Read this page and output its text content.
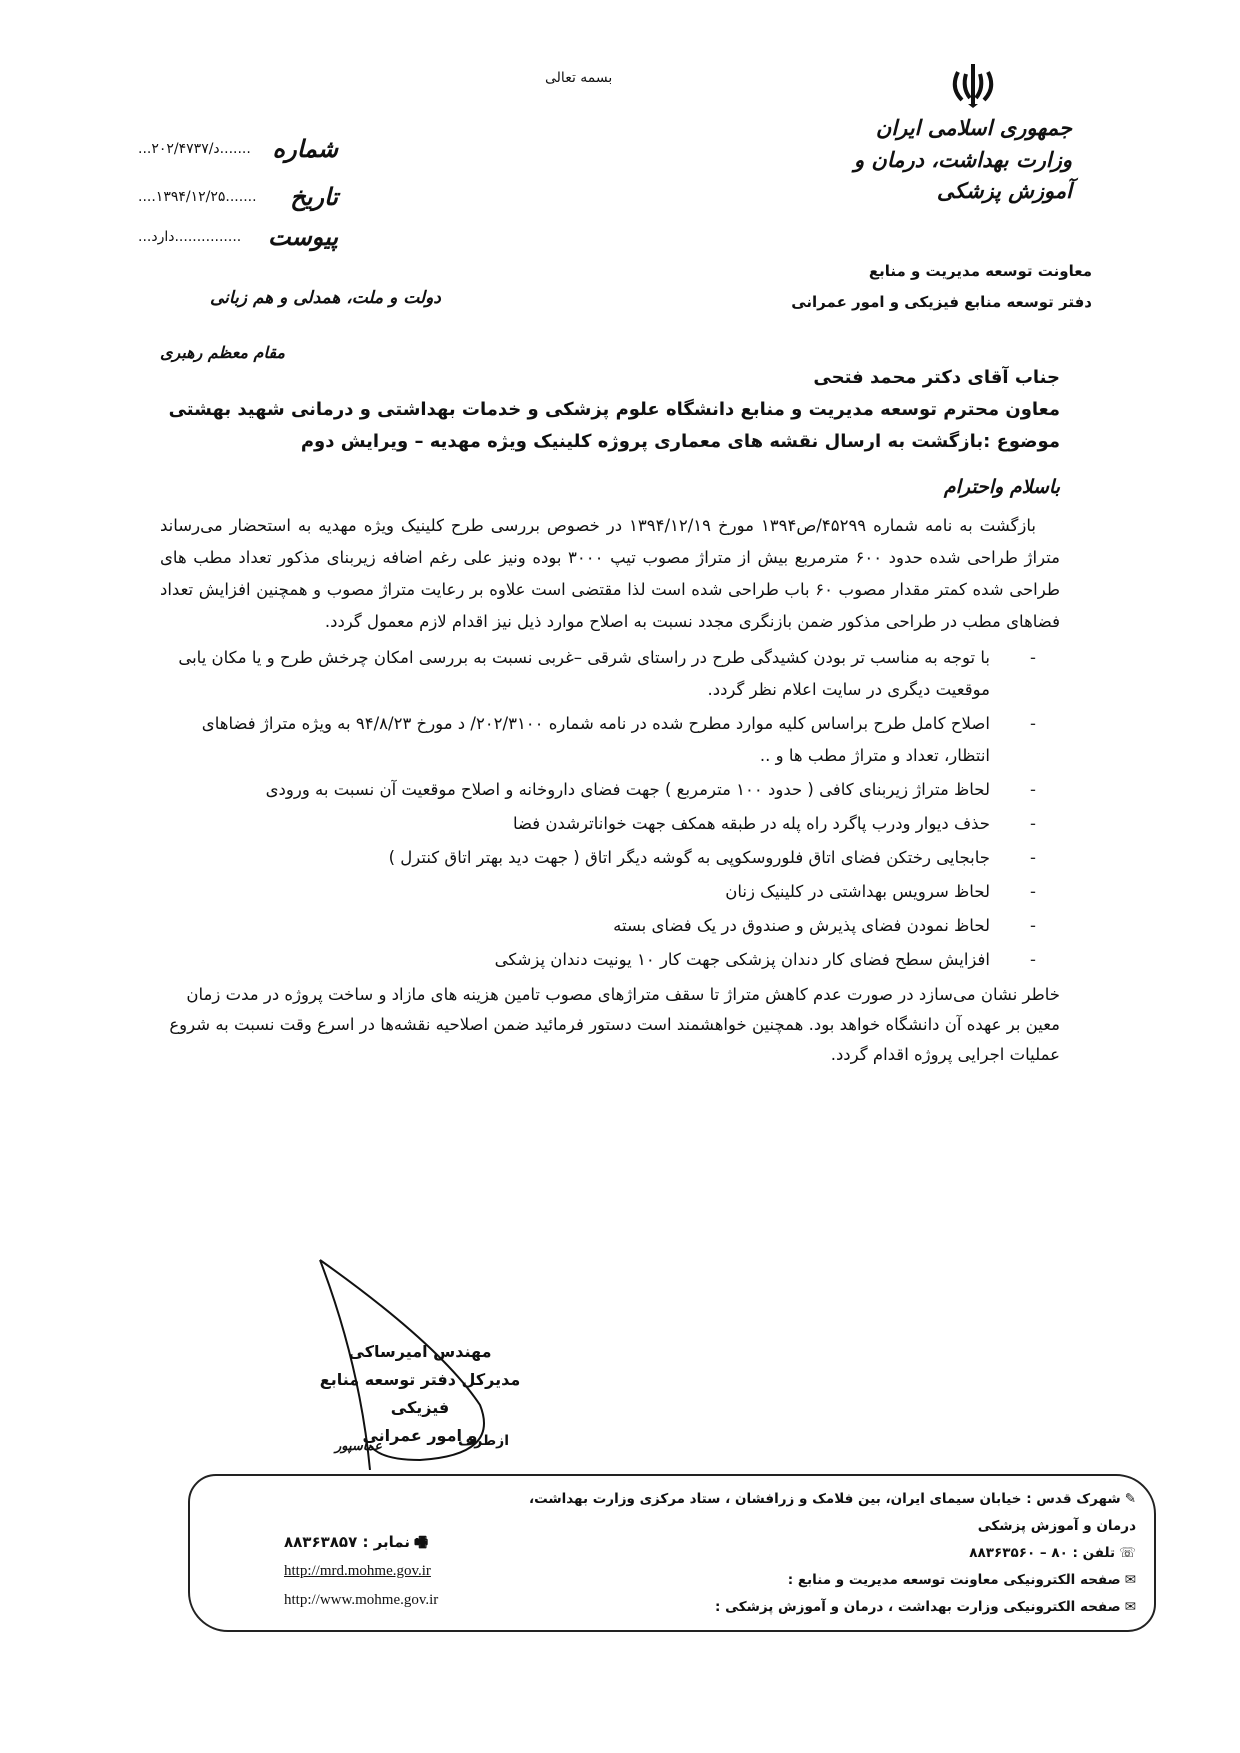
بسمه تعالی
جمهوری اسلامی ایران
وزارت بهداشت، درمان و آموزش پزشکی
معاونت توسعه مدیریت و منابع
دفتر توسعه منابع فیزیکی و امور عمرانی
شماره
...د/۲۰۲/۴۷۳۷.......
تاریخ
....۱۳۹۴/۱۲/۲۵.......
پیوست
...دارد...............
دولت و ملت، همدلی و هم زبانی
مقام معظم رهبری
جناب آقای دکتر محمد فتحی
معاون محترم توسعه مدیریت و منابع دانشگاه علوم پزشکی و خدمات بهداشتی و درمانی شهید بهشتی
موضوع :بازگشت به ارسال نقشه های معماری پروژه کلینیک ویژه مهدیه – ویرایش دوم
باسلام واحترام

بازگشت به نامه شماره ۴۵۲۹۹/ص۱۳۹۴ مورخ ۱۳۹۴/۱۲/۱۹ در خصوص بررسی طرح کلینیک ویژه مهدیه به استحضار می‌رساند متراژ طراحی شده حدود ۶۰۰ مترمربع بیش از متراژ مصوب تیپ ۳۰۰۰ بوده ونیز علی رغم اضافه زیربنای مذکور تعداد مطب های طراحی شده کمتر مقدار مصوب ۶۰ باب طراحی شده است لذا مقتضی است علاوه بر رعایت متراژ مصوب و همچنین افزایش تعداد فضاهای مطب در طراحی مذکور ضمن بازنگری مجدد نسبت به اصلاح موارد ذیل نیز اقدام لازم معمول گردد.

-
با توجه به مناسب تر بودن کشیدگی طرح در راستای شرقی –غربی نسبت به بررسی امکان چرخش طرح و یا مکان یابی موقعیت دیگری در سایت اعلام نظر گردد.
-
اصلاح کامل طرح براساس کلیه موارد مطرح شده در نامه شماره ۲۰۲/۳۱۰۰/ د مورخ ۹۴/۸/۲۳ به ویژه متراژ فضاهای انتظار، تعداد و متراژ مطب ها و ..
-
لحاظ متراژ زیربنای کافی ( حدود ۱۰۰ مترمربع ) جهت فضای داروخانه و اصلاح موقعیت آن نسبت به ورودی
-
حذف دیوار ودرب پاگرد راه پله در طبقه همکف جهت خواناترشدن فضا
-
جابجایی رختکن فضای اتاق فلوروسکوپی به گوشه دیگر اتاق ( جهت دید بهتر اتاق کنترل )
-
لحاظ سرویس بهداشتی در کلینیک زنان
-
لحاظ نمودن فضای پذیرش و صندوق در یک فضای بسته
-
افزایش سطح فضای کار دندان پزشکی جهت کار ۱۰ یونیت دندان پزشکی
خاطر نشان می‌سازد در صورت عدم کاهش متراژ تا سقف متراژهای مصوب تامین هزینه های مازاد و ساخت پروژه در مدت زمان معین بر عهده آن دانشگاه خواهد بود. همچنین خواهشمند است دستور فرمائید ضمن اصلاحیه نقشه‌ها در اسرع وقت نسبت به شروع عملیات اجرایی پروژه اقدام گردد.
مهندس امیرساکی
مدیرکل دفتر توسعه منابع فیزیکی
و امور عمرانی
ازطرف
عماسپور
✎شهرک قدس : خیابان سیمای ایران، بین فلامک و زرافشان ، ستاد مرکزی وزارت بهداشت، درمان و آموزش پزشکی
☏تلفن : ۸۰ – ۸۸۳۶۳۵۶۰
✉صفحه الکترونیکی معاونت توسعه مدیریت و منابع :
✉صفحه الکترونیکی وزارت بهداشت ، درمان و آموزش پزشکی :
🖷نمابر : ۸۸۳۶۳۸۵۷
http://mrd.mohme.gov.ir
http://www.mohme.gov.ir
